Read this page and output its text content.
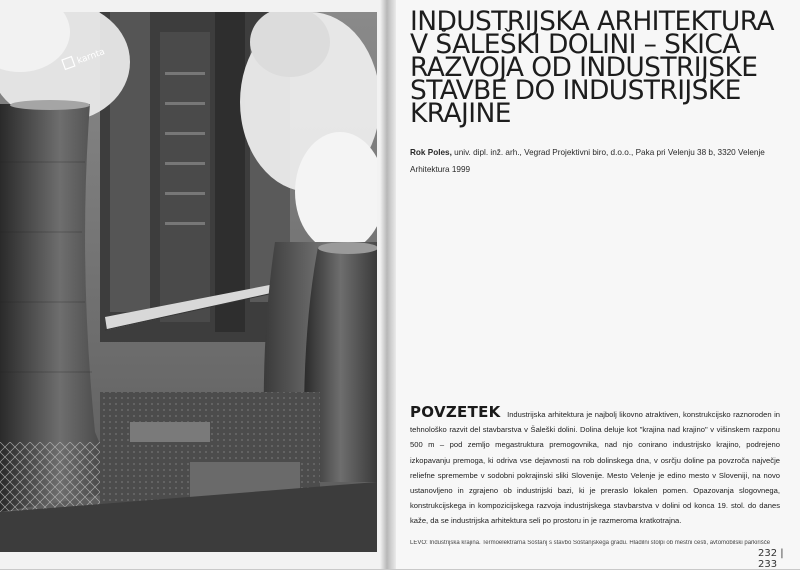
karnta
INDUSTRIJSKA ARHITEKTURA
V ŠALEŠKI DOLINI – SKICA
RAZVOJA OD INDUSTRIJSKE
STAVBE DO INDUSTRIJSKE
KRAJINE
Rok Poles, univ. dipl. inž. arh., Vegrad Projektivni biro, d.o.o., Paka pri Velenju 38 b, 3320 Velenje
Arhitektura 1999
POVZETEK Industrijska arhitektura je najbolj likovno atraktiven, konstrukcijsko raznoroden in tehnološko razvit del stavbarstva v Šaleški dolini. Dolina deluje kot "krajina nad krajino" v višinskem razponu 500 m – pod zemljo megastruktura premogovnika, nad njo conirano industrijsko krajino, podrejeno izkopavanju premoga, ki odriva vse dejavnosti na rob dolinskega dna, v osrčju doline pa povzroča največje reliefne spremembe v sodobni pokrajinski sliki Slovenije. Mesto Velenje je edino mesto v Sloveniji, na novo ustanovljeno in zgrajeno ob industrijski bazi, ki je preraslo lokalen pomen. Opazovanja slogovnega, konstrukcijskega in kompozicijskega razvoja industrijskega stavbarstva v dolini od konca 19. stol. do danes kaže, da se industrijska arhitektura seli po prostoru in je razmeroma kratkotrajna.
LEVO: Industrijska krajina. Termoelektrarna Šoštanj s stavbo Šoštanjskega gradu. Hladilni stolpi ob mestni cesti, avtomobilski parkirišče
232 | 233
